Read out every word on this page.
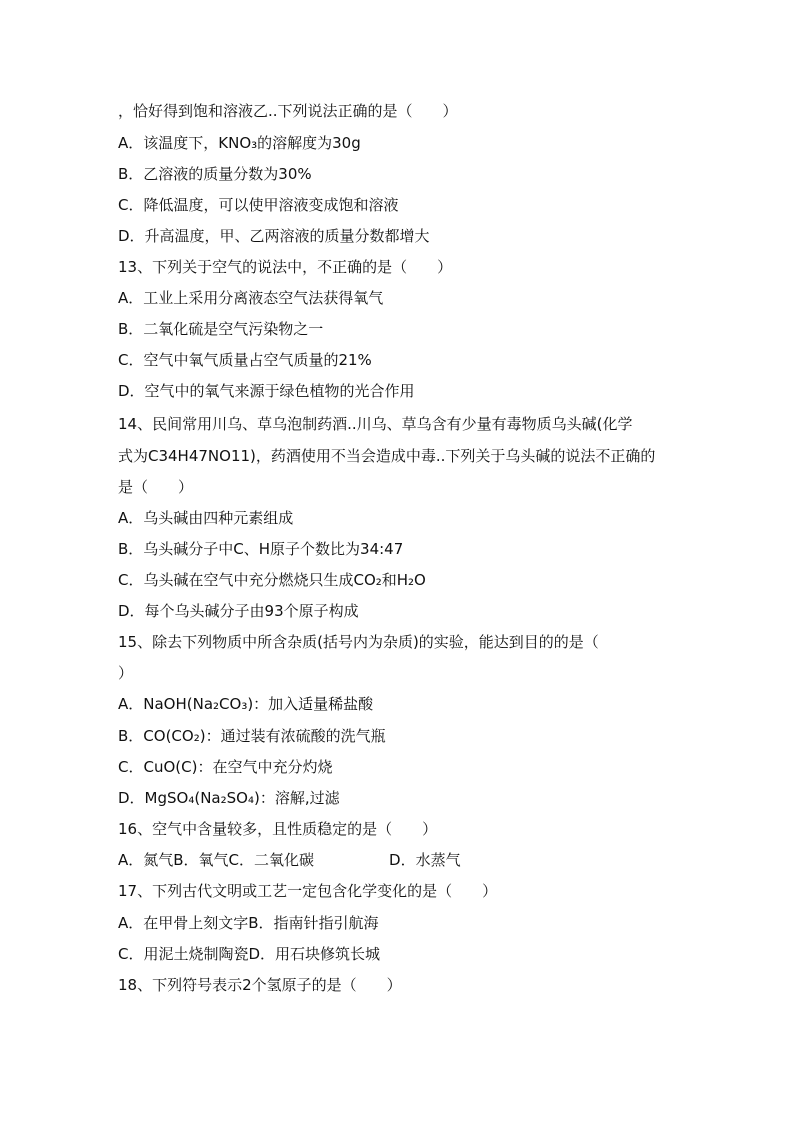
，恰好得到饱和溶液乙..下列说法正确的是（　　）
A．该温度下，KNO₃的溶解度为30g
B．乙溶液的质量分数为30%
C．降低温度，可以使甲溶液变成饱和溶液
D．升高温度，甲、乙两溶液的质量分数都增大
13、下列关于空气的说法中，不正确的是（　　）
A．工业上采用分离液态空气法获得氧气
B．二氧化硫是空气污染物之一
C．空气中氧气质量占空气质量的21%
D．空气中的氧气来源于绿色植物的光合作用
14、民间常用川乌、草乌泡制药酒..川乌、草乌含有少量有毒物质乌头碱(化学
式为C34H47NO11)，药酒使用不当会造成中毒..下列关于乌头碱的说法不正确的
是（　　）
A．乌头碱由四种元素组成
B．乌头碱分子中C、H原子个数比为34:47
C．乌头碱在空气中充分燃烧只生成CO₂和H₂O
D．每个乌头碱分子由93个原子构成
15、除去下列物质中所含杂质(括号内为杂质)的实验，能达到目的的是（
）
A．NaOH(Na₂CO₃)：加入适量稀盐酸
B．CO(CO₂)：通过装有浓硫酸的洗气瓶
C．CuO(C)：在空气中充分灼烧
D．MgSO₄(Na₂SO₄)：溶解,过滤
16、空气中含量较多，且性质稳定的是（　　）
A．氮气B．氧气C．二氧化碳　　　　　D．水蒸气
17、下列古代文明或工艺一定包含化学变化的是（　　）
A．在甲骨上刻文字B．指南针指引航海
C．用泥土烧制陶瓷D．用石块修筑长城
18、下列符号表示2个氢原子的是（　　）
